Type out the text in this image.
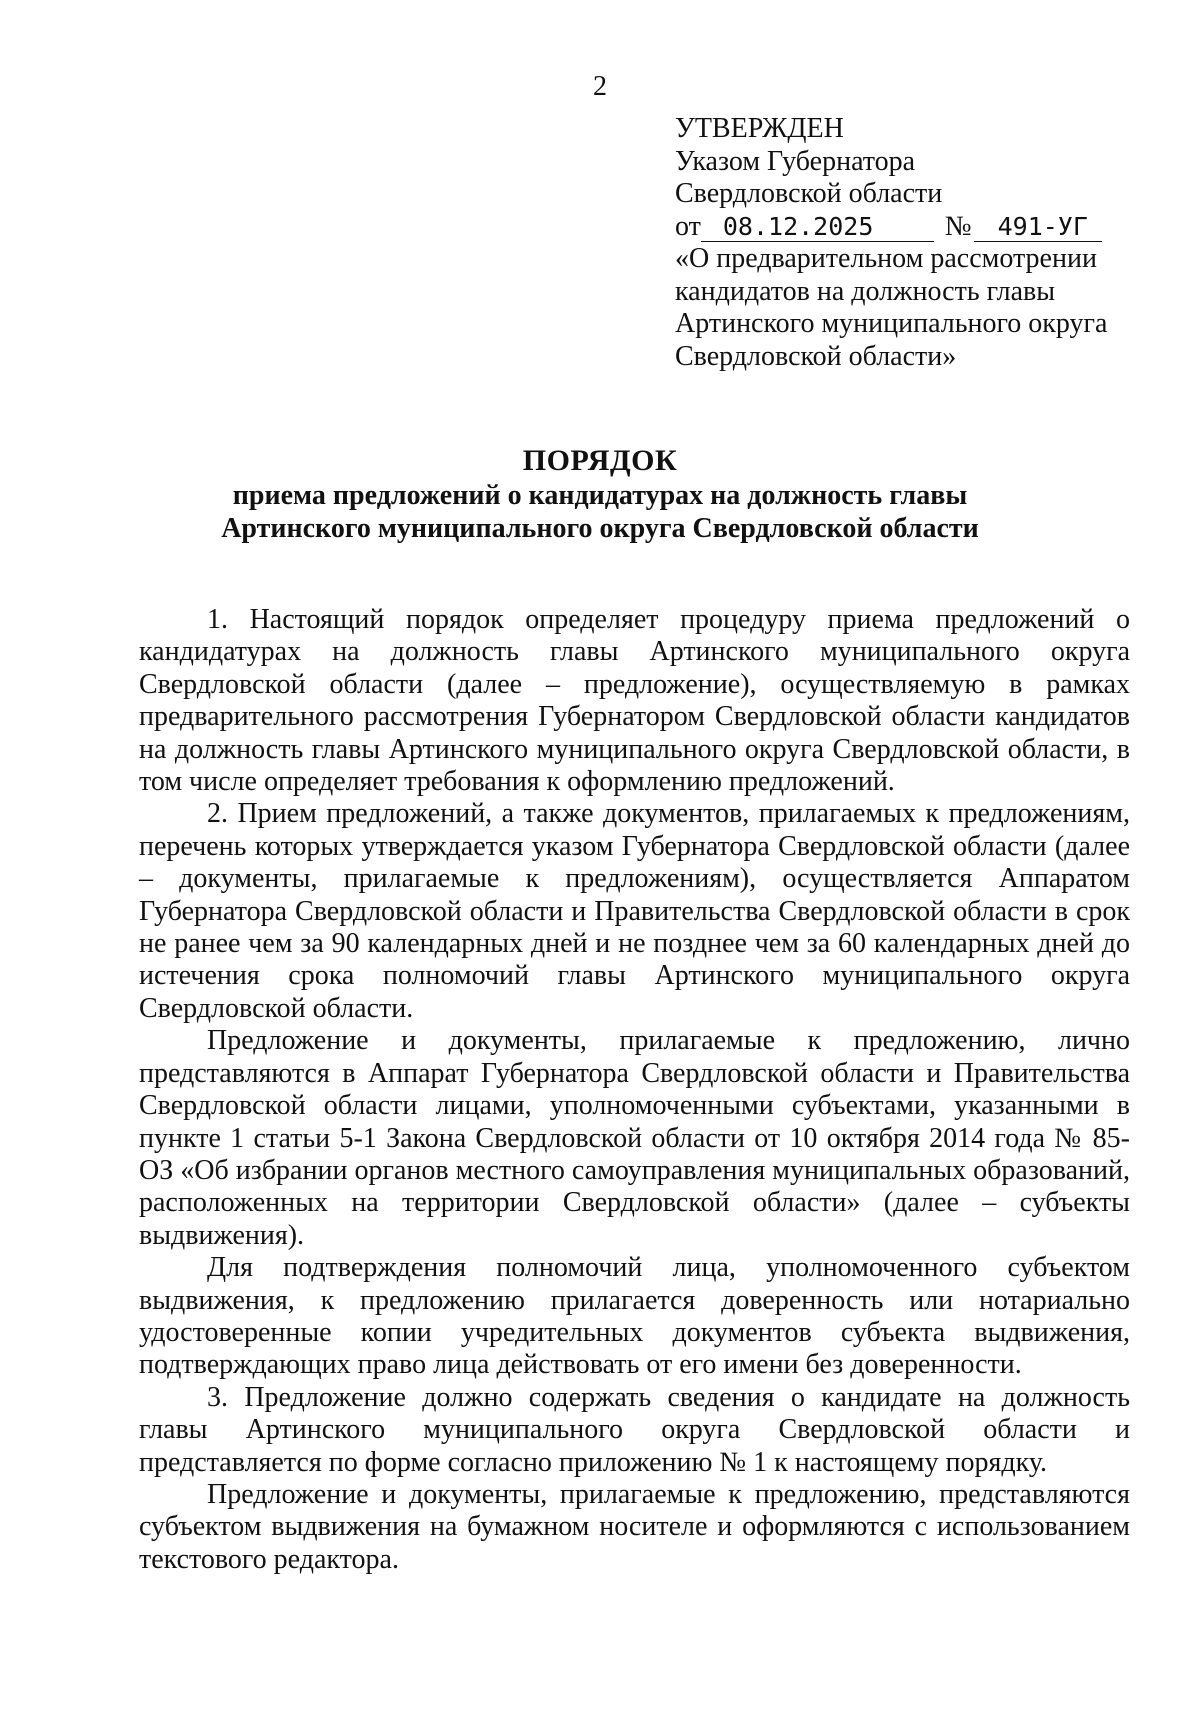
2
УТВЕРЖДЕН
Указом Губернатора
Свердловской области
от 08.12.2025	№ 491-УГ
«О предварительном рассмотрении
кандидатов на должность главы
Артинского муниципального округа
Свердловской области»
ПОРЯДОК
приема предложений о кандидатурах на должность главы
Артинского муниципального округа Свердловской области

1. Настоящий порядок определяет процедуру приема предложений о кандидатурах на должность главы Артинского муниципального округа Свердловской области (далее – предложение), осуществляемую в рамках предварительного рассмотрения Губернатором Свердловской области кандидатов на должность главы Артинского муниципального округа Свердловской области, в том числе определяет требования к оформлению предложений.

2. Прием предложений, а также документов, прилагаемых к предложениям, перечень которых утверждается указом Губернатора Свердловской области (далее – документы, прилагаемые к предложениям), осуществляется Аппаратом Губернатора Свердловской области и Правительства Свердловской области в срок не ранее чем за 90 календарных дней и не позднее чем за 60 календарных дней до истечения срока полномочий главы Артинского муниципального округа Свердловской области.

Предложение и документы, прилагаемые к предложению, лично представляются в Аппарат Губернатора Свердловской области и Правительства Свердловской области лицами, уполномоченными субъектами, указанными в пункте 1 статьи 5-1 Закона Свердловской области от 10 октября 2014 года № 85-ОЗ «Об избрании органов местного самоуправления муниципальных образований, расположенных на территории Свердловской области» (далее – субъекты выдвижения).

Для подтверждения полномочий лица, уполномоченного субъектом выдвижения, к предложению прилагается доверенность или нотариально удостоверенные копии учредительных документов субъекта выдвижения, подтверждающих право лица действовать от его имени без доверенности.

3. Предложение должно содержать сведения о кандидате на должность главы Артинского муниципального округа Свердловской области и представляется по форме согласно приложению № 1 к настоящему порядку.

Предложение и документы, прилагаемые к предложению, представляются субъектом выдвижения на бумажном носителе и оформляются с использованием текстового редактора.
